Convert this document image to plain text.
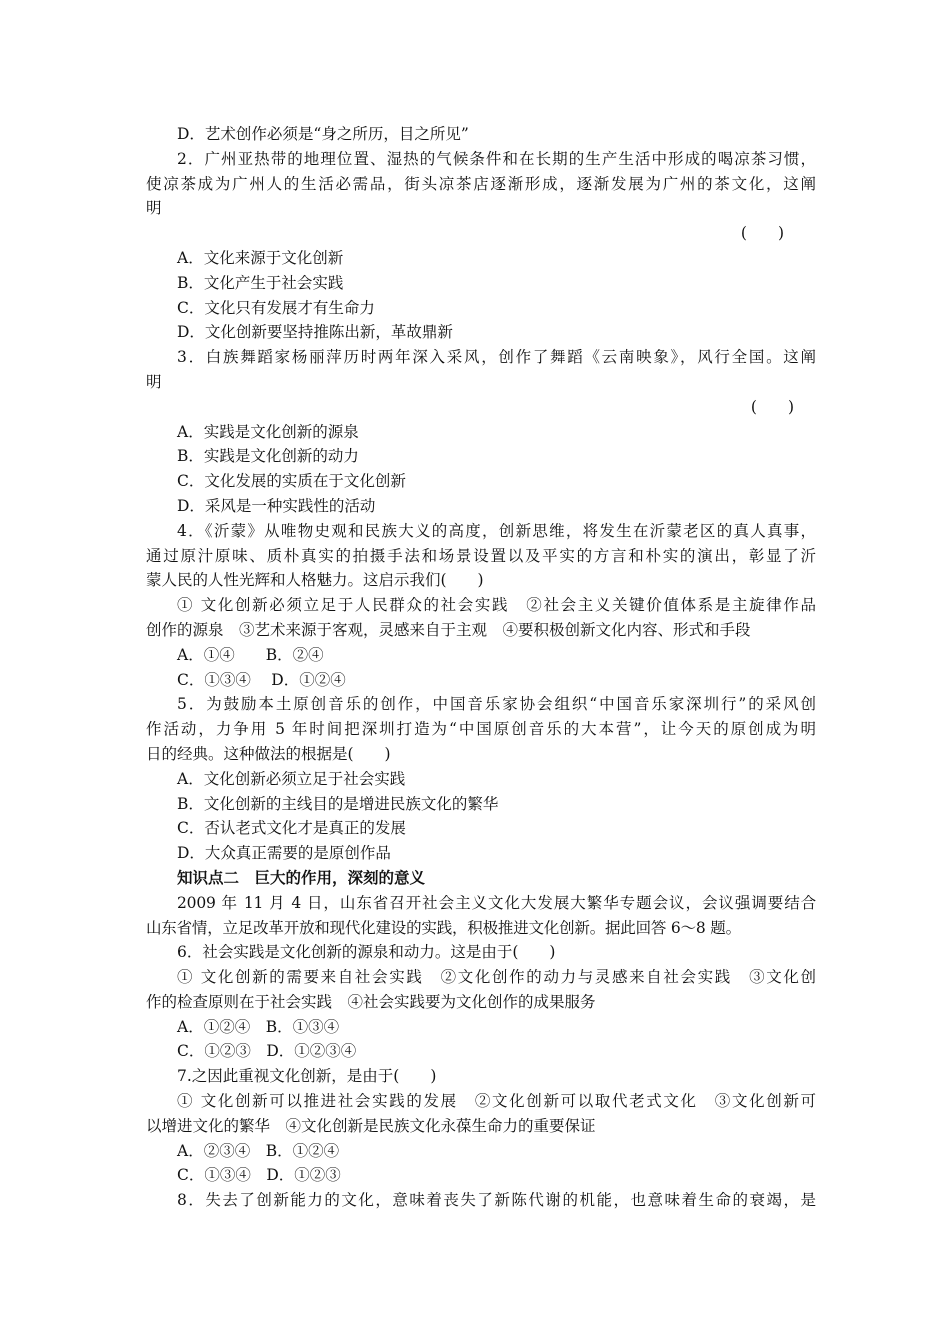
D．艺术创作必须是“身之所历，目之所见”
2．广州亚热带的地理位置、湿热的气候条件和在长期的生产生活中形成的喝凉茶习惯，
使凉茶成为广州人的生活必需品，街头凉茶店逐渐形成，逐渐发展为广州的茶文化，这阐
明
(　　)
A．文化来源于文化创新
B．文化产生于社会实践
C．文化只有发展才有生命力
D．文化创新要坚持推陈出新，革故鼎新
3．白族舞蹈家杨丽萍历时两年深入采风，创作了舞蹈《云南映象》，风行全国。这阐
明
(　　)
A．实践是文化创新的源泉
B．实践是文化创新的动力
C．文化发展的实质在于文化创新
D．采风是一种实践性的活动
4．《沂蒙》从唯物史观和民族大义的高度，创新思维，将发生在沂蒙老区的真人真事，
通过原汁原味、质朴真实的拍摄手法和场景设置以及平实的方言和朴实的演出，彰显了沂
蒙人民的人性光辉和人格魅力。这启示我们(　　)
① 文化创新必须立足于人民群众的社会实践　②社会主义关键价值体系是主旋律作品
创作的源泉　③艺术来源于客观，灵感来自于主观　④要积极创新文化内容、形式和手段
A．①④　　B．②④
C．①③④　 D．①②④
5．为鼓励本土原创音乐的创作，中国音乐家协会组织“中国音乐家深圳行”的采风创
作活动，力争用 5 年时间把深圳打造为“中国原创音乐的大本营”，让今天的原创成为明
日的经典。这种做法的根据是(　　)
A．文化创新必须立足于社会实践
B．文化创新的主线目的是增进民族文化的繁华
C．否认老式文化才是真正的发展
D．大众真正需要的是原创作品
知识点二　巨大的作用，深刻的意义
2009 年 11 月 4 日，山东省召开社会主义文化大发展大繁华专题会议，会议强调要结合
山东省情，立足改革开放和现代化建设的实践，积极推进文化创新。据此回答 6～8 题。
6．社会实践是文化创新的源泉和动力。这是由于(　　)
① 文化创新的需要来自社会实践　②文化创作的动力与灵感来自社会实践　③文化创
作的检查原则在于社会实践　④社会实践要为文化创作的成果服务
A．①②④　B．①③④
C．①②③　D．①②③④
7.之因此重视文化创新，是由于(　　)
① 文化创新可以推进社会实践的发展　②文化创新可以取代老式文化　③文化创新可
以增进文化的繁华　④文化创新是民族文化永葆生命力的重要保证
A．②③④　B．①②④
C．①③④　D．①②③
8．失去了创新能力的文化，意味着丧失了新陈代谢的机能，也意味着生命的衰竭，是
